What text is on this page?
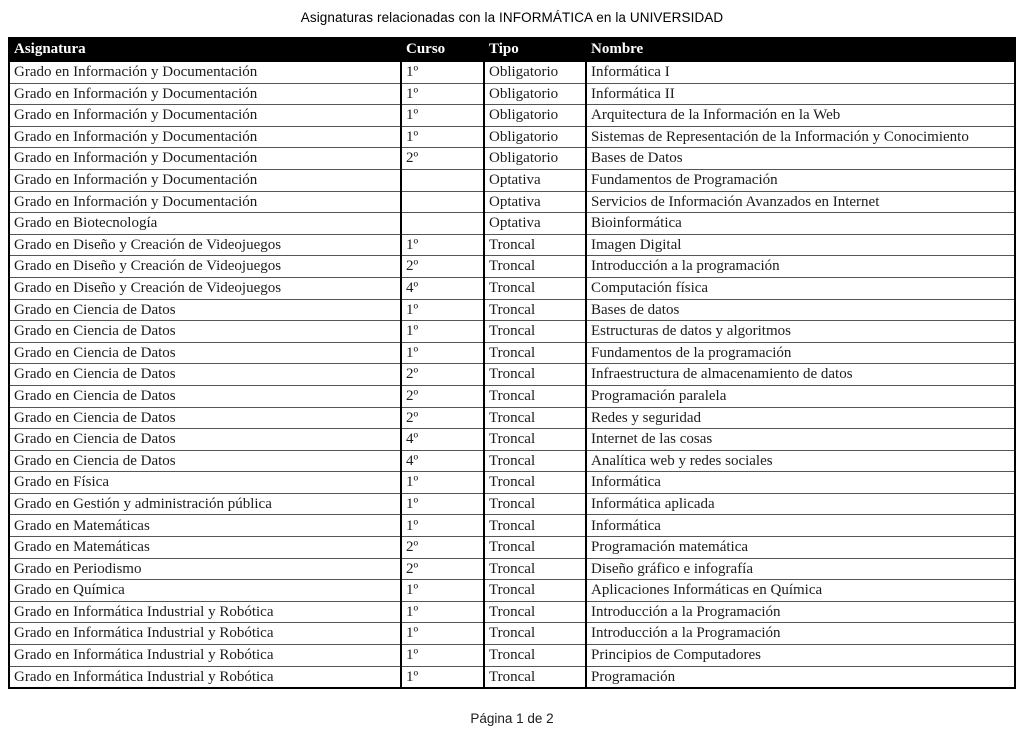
Asignaturas relacionadas con la INFORMÁTICA en la UNIVERSIDAD
Asignatura	Curso	Tipo	Nombre
Grado en Información y Documentación	1º	Obligatorio	Informática I
Grado en Información y Documentación	1º	Obligatorio	Informática II
Grado en Información y Documentación	1º	Obligatorio	Arquitectura de la Información en la Web
Grado en Información y Documentación	1º	Obligatorio	Sistemas de Representación de la Información y Conocimiento
Grado en Información y Documentación	2º	Obligatorio	Bases de Datos
Grado en Información y Documentación		Optativa	Fundamentos de Programación
Grado en Información y Documentación		Optativa	Servicios de Información Avanzados en Internet
Grado en Biotecnología		Optativa	Bioinformática
Grado en Diseño y Creación de Videojuegos	1º	Troncal	Imagen Digital
Grado en Diseño y Creación de Videojuegos	2º	Troncal	Introducción a la programación
Grado en Diseño y Creación de Videojuegos	4º	Troncal	Computación física
Grado en Ciencia de Datos	1º	Troncal	Bases de datos
Grado en Ciencia de Datos	1º	Troncal	Estructuras de datos y algoritmos
Grado en Ciencia de Datos	1º	Troncal	Fundamentos de la programación
Grado en Ciencia de Datos	2º	Troncal	Infraestructura de almacenamiento de datos
Grado en Ciencia de Datos	2º	Troncal	Programación paralela
Grado en Ciencia de Datos	2º	Troncal	Redes y seguridad
Grado en Ciencia de Datos	4º	Troncal	Internet de las cosas
Grado en Ciencia de Datos	4º	Troncal	Analítica web y redes sociales
Grado en Física	1º	Troncal	Informática
Grado en Gestión y administración pública	1º	Troncal	Informática aplicada
Grado en Matemáticas	1º	Troncal	Informática
Grado en Matemáticas	2º	Troncal	Programación matemática
Grado en Periodismo	2º	Troncal	Diseño gráfico e infografía
Grado en Química	1º	Troncal	Aplicaciones Informáticas en Química
Grado en Informática Industrial y Robótica	1º	Troncal	Introducción a la Programación
Grado en Informática Industrial y Robótica	1º	Troncal	Introducción a la Programación
Grado en Informática Industrial y Robótica	1º	Troncal	Principios de Computadores
Grado en Informática Industrial y Robótica	1º	Troncal	Programación
Página 1 de 2
